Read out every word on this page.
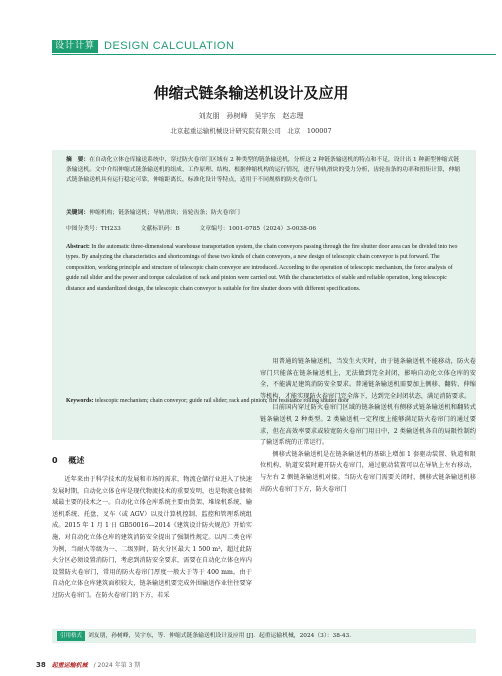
设计计算 DESIGN CALCULATION
伸缩式链条输送机设计及应用
刘友朋　孙树峰　吴宇东　赵志理
北京起重运输机械设计研究院有限公司　北京　100007
摘　要：在自动化立体仓库输送系统中，穿过防火卷帘门区域有 2 种类型的链条输送机，分析这 2 种链条输送机的特点和不足，设计出 1 种新型伸缩式链条输送机。文中介绍伸缩式链条输送机的组成、工作原理、结构、根据伸缩机构的运行情况，进行导轨滑块的受力分析，齿轮齿条的功率和扭矩计算，伸缩式链条输送机具有运行稳定可靠，伸缩距离长，标准化设计等特点，适用于不同规格的防火卷帘门。
关键词：伸缩机构；链条输送机；导轨滑块；齿轮齿条；防火卷帘门
中图分类号：TH233	文献标识码：B	文章编号：1001-0785（2024）3-0038-06
Abstract: In the automatic three-dimensional warehouse transportation system, the chain conveyors passing through the fire shutter door area can be divided into two types. By analyzing the characteristics and shortcomings of these two kinds of chain conveyors, a new design of telescopic chain conveyor is put forward. The composition, working principle and structure of telescopic chain conveyor are introduced. According to the operation of telescopic mechanism, the force analysis of guide rail slider and the power and torque calculation of rack and pinion were carried out. With the characteristics of stable and reliable operation, long telescopic distance and standardized design, the telescopic chain conveyor is suitable for fire shutter doors with different specifications.
Keywords: telescopic mechanism; chain conveyor; guide rail slider; rack and pinion; fire resistance rolling shutter door
0 概述

近年来由于科学技术的发展和市场的需求，物流仓储行业进入了快速发展时期，自动化立体仓库是现代物流技术的重要发明，也是物流仓储领域最主要的技术之一。自动化立体仓库系统主要由货架、堆垛机系统、输送机系统、托盘、叉车（或 AGV）以及计算机控制、监控和管理系统组成。2015 年 1 月 1 日 GB50016—2014《建筑设计防火规范》开始实施，对自动化立体仓库的建筑消防安全提出了强制性规定。以丙二类仓库为例，当耐火等级为一、二级别时，防火分区最大 1 500 m²，超过此防火分区必须设置消防门，考虑到消防安全要求，需要在自动化立体仓库内设置防火卷帘门，常用的防火卷帘门厚度一般大于等于 400 mm。由于自动化立体仓库建筑面积较大，链条输送机要完成外围输送作业往往要穿过防火卷帘门。在防火卷帘门的下方，若采

用普通的链条输送机，当发生火灾时，由于链条输送机不能移动，防火卷帘门只能落在链条输送机上，无法做到完全封闭，影响自动化立体仓库的安全，不能满足建筑消防安全要求。普通链条输送机需要加上侧移、翻转、伸缩等机构，才能实现防火卷帘门完全落下，达到完全封闭状态，满足消防要求。

目前国内穿过防火卷帘门区域的链条输送机有侧移式链条输送机和翻转式链条输送机 2 种类型。2 类输送机一定程度上能够满足防火卷帘门的通过要求，但在高效率要求或较宽防火卷帘门用日中，2 类输送机各自的局限性制约了输送系统的正常运行。

侧移式链条输送机是在链条输送机的基础上增加 1 套驱动装置、轨道和限位机构，轨道安装时避开防火卷帘门，通过驱动装置可以在导轨上左右移动，与左右 2 侧链条输送机对接。当防火卷帘门需要关闭时，侧移式链条输送机移出防火卷帘门下方，防火卷帘门

引用格式	刘友朋，孙树峰，吴宇东，等．伸缩式链条输送机设计及应用 [J]．起重运输机械，2024（3）：38-43.
38 起重运输机械 / 2024 年第 3 期
